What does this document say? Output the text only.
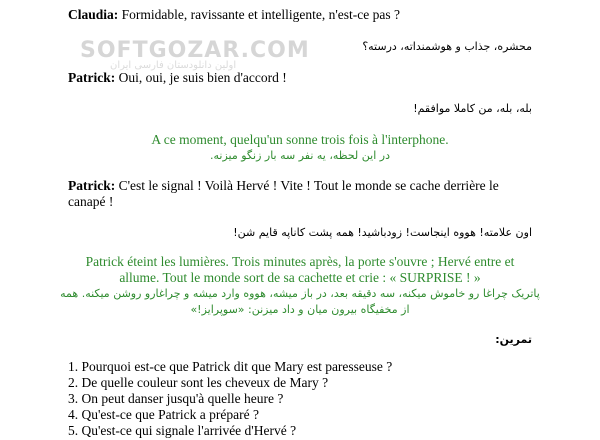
SOFTGOZAR.COM
اولین دانلودستان فارسی ایران
Claudia: Formidable, ravissante et intelligente, n'est-ce pas ?
محشره، جذاب و هوشمنداته، درسته؟
Patrick: Oui, oui, je suis bien d'accord !
بله، بله، من کاملا موافقم!
A ce moment, quelqu'un sonne trois fois à l'interphone.
در این لحظه، یه نفر سه بار زنگو میزنه.
Patrick: C'est le signal ! Voilà Hervé ! Vite ! Tout le monde se cache derrière le
canapé !
اون علامته! هووه اینجاست! زودباشید! همه پشت کاناپه قایم شن!
Patrick éteint les lumières. Trois minutes après, la porte s'ouvre ; Hervé entre et
allume. Tout le monde sort de sa cachette et crie : « SURPRISE ! »
پاتریک چراغا رو خاموش میکنه، سه دقیقه بعد، در باز میشه، هووه وارد میشه و چراغارو روشن میکنه. همه
از مخفیگاه بیرون میان و داد میزنن: «سوپرایز!»
تمرین:
1. Pourquoi est-ce que Patrick dit que Mary est paresseuse ?
2. De quelle couleur sont les cheveux de Mary ?
3. On peut danser jusqu'à quelle heure ?
4. Qu'est-ce que Patrick a préparé ?
5. Qu'est-ce qui signale l'arrivée d'Hervé ?
